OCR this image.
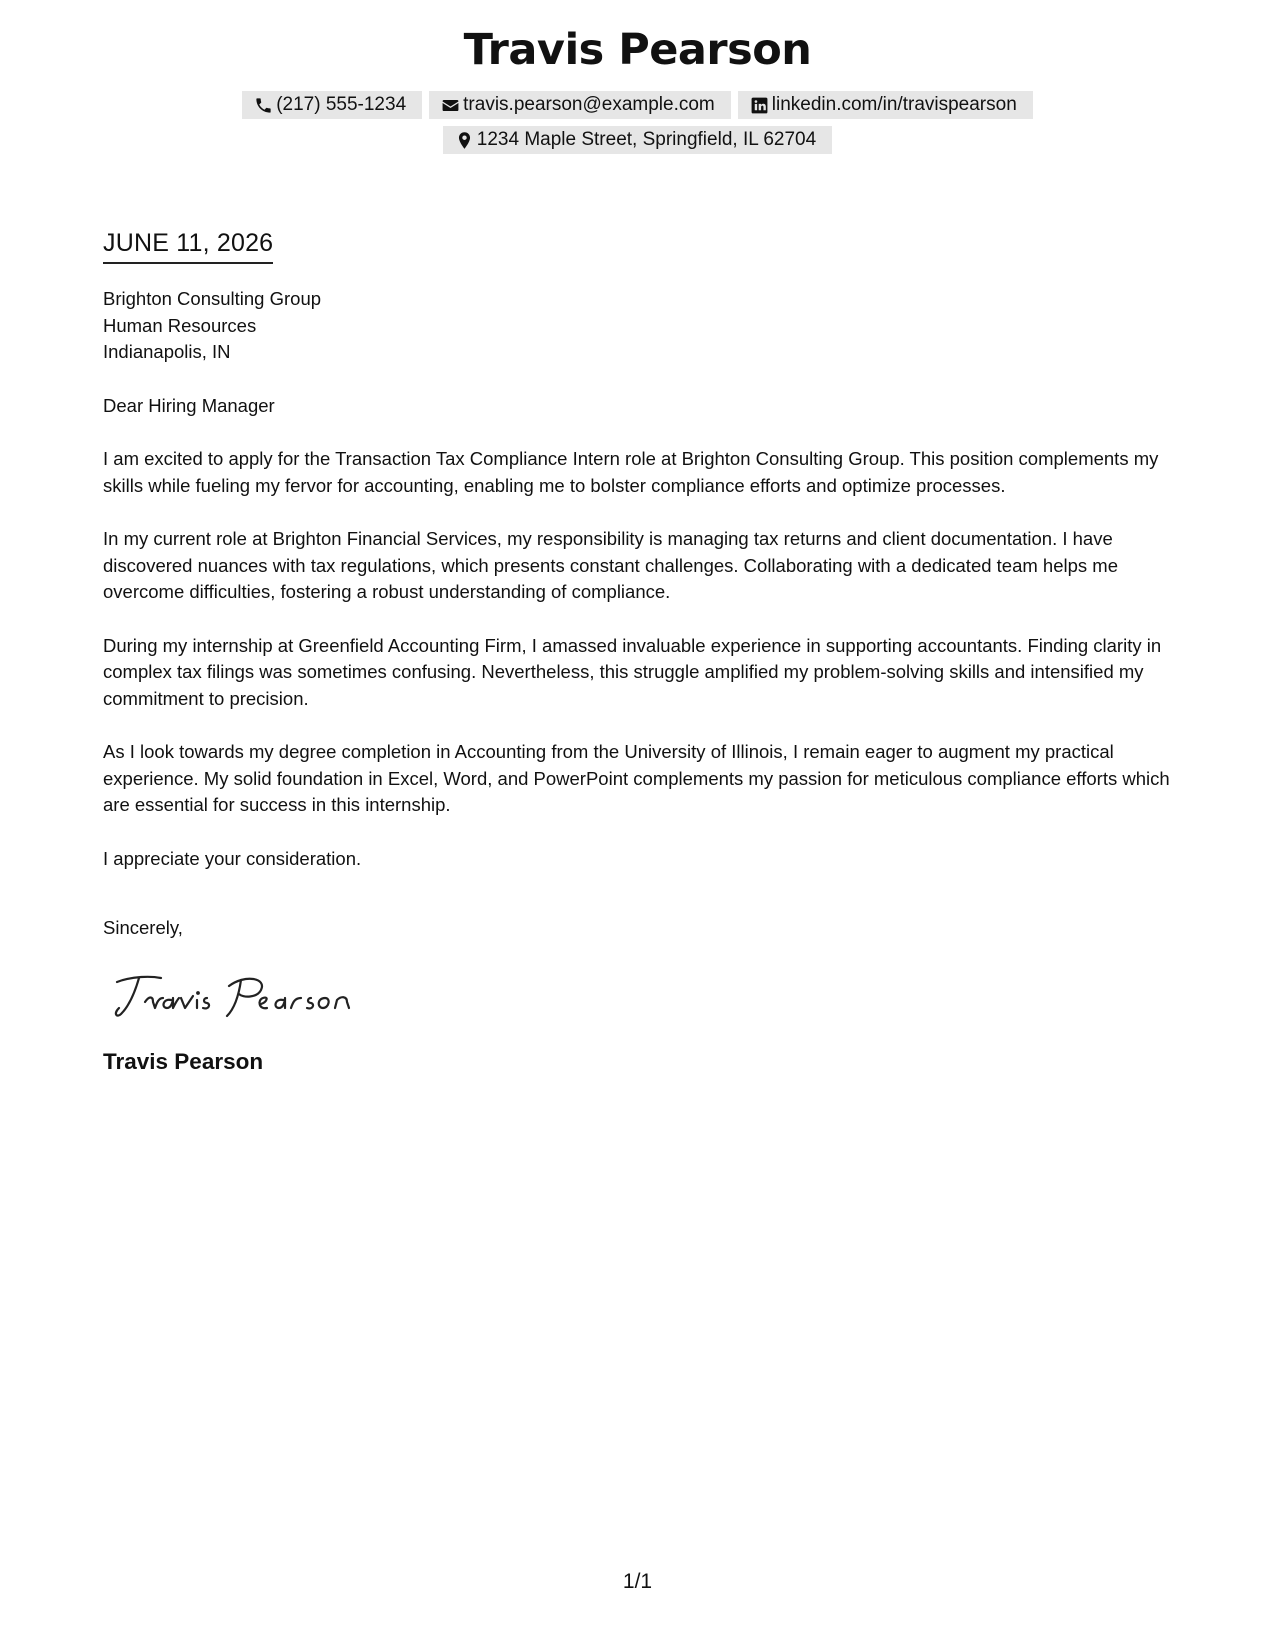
Travis Pearson
(217) 555-1234	travis.pearson@example.com	linkedin.com/in/travispearson
1234 Maple Street, Springfield, IL 62704
JUNE 11, 2026
Brighton Consulting Group
Human Resources
Indianapolis, IN

Dear Hiring Manager

I am excited to apply for the Transaction Tax Compliance Intern role at Brighton Consulting Group. This position complements my skills while fueling my fervor for accounting, enabling me to bolster compliance efforts and optimize processes.

In my current role at Brighton Financial Services, my responsibility is managing tax returns and client documentation. I have discovered nuances with tax regulations, which presents constant challenges. Collaborating with a dedicated team helps me overcome difficulties, fostering a robust understanding of compliance.

During my internship at Greenfield Accounting Firm, I amassed invaluable experience in supporting accountants. Finding clarity in complex tax filings was sometimes confusing. Nevertheless, this struggle amplified my problem-solving skills and intensified my commitment to precision.

As I look towards my degree completion in Accounting from the University of Illinois, I remain eager to augment my practical experience. My solid foundation in Excel, Word, and PowerPoint complements my passion for meticulous compliance efforts which are essential for success in this internship.

I appreciate your consideration.

Sincerely,

Travis Pearson
1/1
